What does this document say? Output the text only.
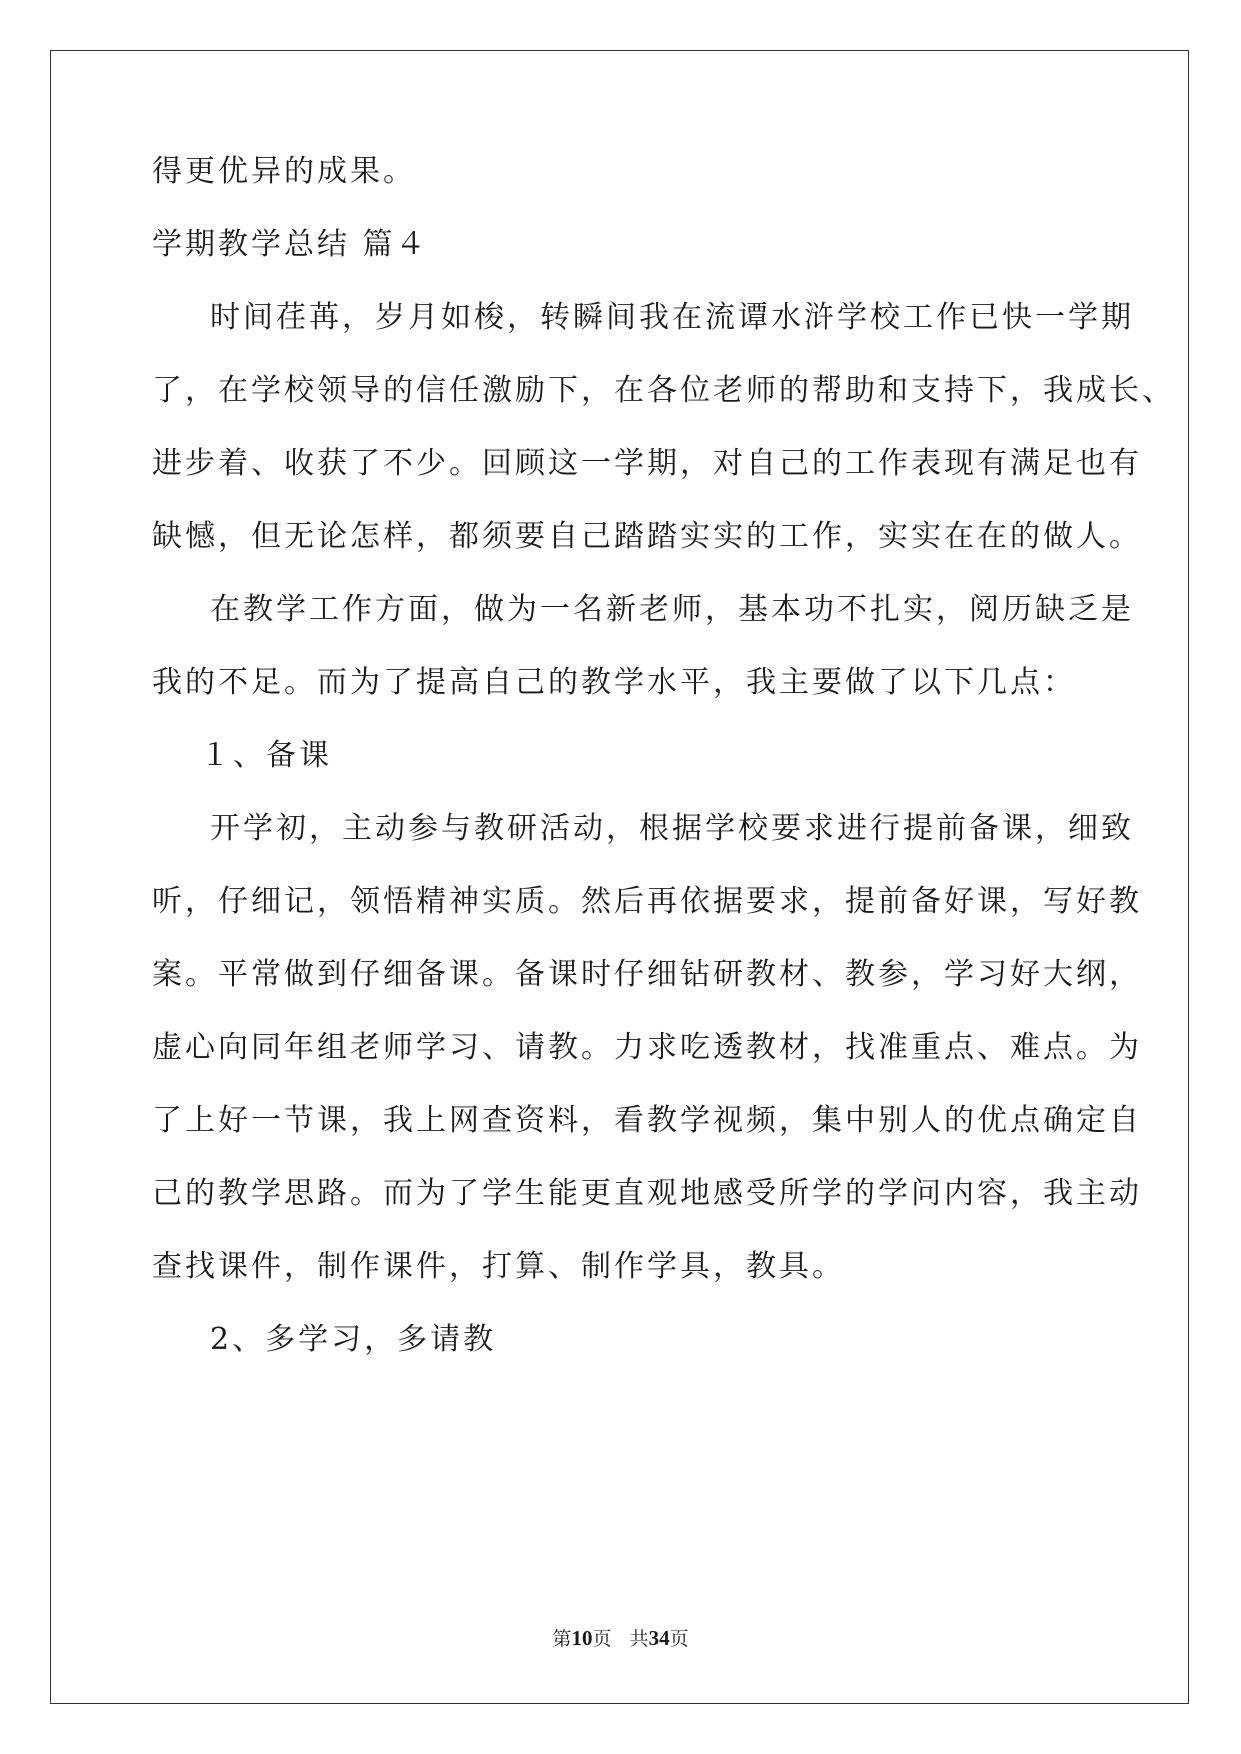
得更优异的成果。
学期教学总结 篇４
时间荏苒，岁月如梭，转瞬间我在流谭水浒学校工作已快一学期
了，在学校领导的信任激励下，在各位老师的帮助和支持下，我成长、
进步着、收获了不少。回顾这一学期，对自己的工作表现有满足也有
缺憾，但无论怎样，都须要自己踏踏实实的工作，实实在在的做人。
在教学工作方面，做为一名新老师，基本功不扎实，阅历缺乏是
我的不足。而为了提高自己的教学水平，我主要做了以下几点：
１、备课
开学初，主动参与教研活动，根据学校要求进行提前备课，细致
听，仔细记，领悟精神实质。然后再依据要求，提前备好课，写好教
案。平常做到仔细备课。备课时仔细钻研教材、教参，学习好大纲，
虚心向同年组老师学习、请教。力求吃透教材，找准重点、难点。为
了上好一节课，我上网查资料，看教学视频，集中别人的优点确定自
己的教学思路。而为了学生能更直观地感受所学的学问内容，我主动
查找课件，制作课件，打算、制作学具，教具。
2、多学习，多请教
第10页   共34页
